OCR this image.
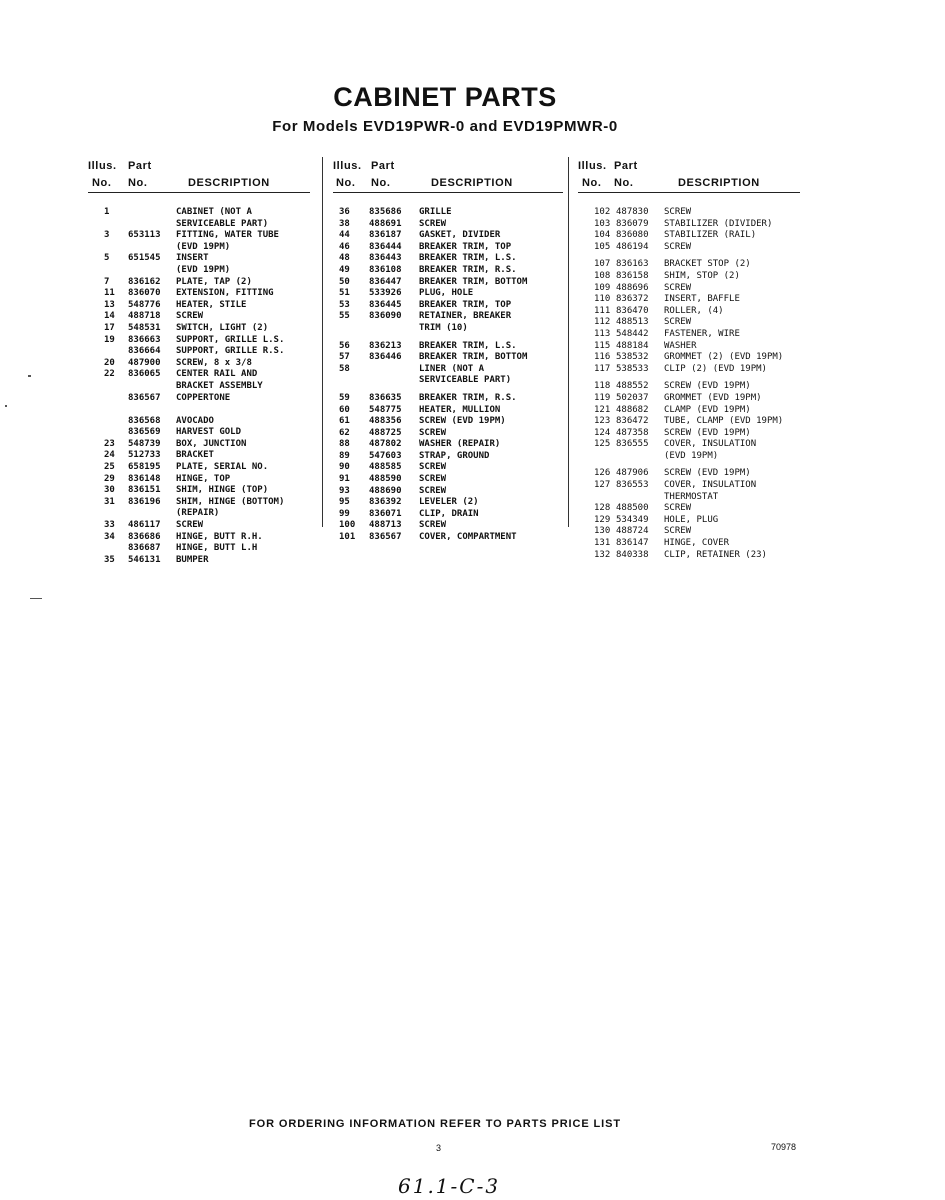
CABINET PARTS
For Models EVD19PWR-0 and EVD19PMWR-0
Illus. Part
No. No.	DESCRIPTION
1	CABINET (NOT A
SERVICEABLE PART)
3 653113 FITTING, WATER TUBE
(EVD 19PM)
5 651545 INSERT
(EVD 19PM)
7 836162 PLATE, TAP (2)
11 836070 EXTENSION, FITTING
13 548776 HEATER, STILE
14 488718 SCREW
17 548531 SWITCH, LIGHT (2)
19 836663 SUPPORT, GRILLE L.S.
836664 SUPPORT, GRILLE R.S.
20 487900 SCREW, 8 x 3/8
22 836065 CENTER RAIL AND
BRACKET ASSEMBLY
836567 COPPERTONE
836568 AVOCADO
836569 HARVEST GOLD
23 548739 BOX, JUNCTION
24 512733 BRACKET
25 658195 PLATE, SERIAL NO.
29 836148 HINGE, TOP
30 836151 SHIM, HINGE (TOP)
31 836196 SHIM, HINGE (BOTTOM)
(REPAIR)
33 486117 SCREW
34 836686 HINGE, BUTT R.H.
836687 HINGE, BUTT L.H
35 546131 BUMPER
Illus. Part
No. No.	DESCRIPTION
36 835686 GRILLE
38 488691 SCREW
44 836187 GASKET, DIVIDER
46 836444 BREAKER TRIM, TOP
48 836443 BREAKER TRIM, L.S.
49 836108 BREAKER TRIM, R.S.
50 836447 BREAKER TRIM, BOTTOM
51 533926 PLUG, HOLE
53 836445 BREAKER TRIM, TOP
55 836090 RETAINER, BREAKER
TRIM (10)
56 836213 BREAKER TRIM, L.S.
57 836446 BREAKER TRIM, BOTTOM
58	LINER (NOT A
SERVICEABLE PART)
59 836635 BREAKER TRIM, R.S.
60 548775 HEATER, MULLION
61 488356 SCREW (EVD 19PM)
62 488725 SCREW
88 487802 WASHER (REPAIR)
89 547603 STRAP, GROUND
90 488585 SCREW
91 488590 SCREW
93 488690 SCREW
95 836392 LEVELER (2)
99 836071 CLIP, DRAIN
100 488713 SCREW
101 836567 COVER, COMPARTMENT
Illus. Part
No. No.	DESCRIPTION
102 487830 SCREW
103 836079 STABILIZER (DIVIDER)
104 836080 STABILIZER (RAIL)
105 486194 SCREW
107 836163 BRACKET STOP (2)
108 836158 SHIM, STOP (2)
109 488696 SCREW
110 836372 INSERT, BAFFLE
111 836470 ROLLER, (4)
112 488513 SCREW
113 548442 FASTENER, WIRE
115 488184 WASHER
116 538532 GROMMET (2) (EVD 19PM)
117 538533 CLIP (2) (EVD 19PM)
118 488552 SCREW (EVD 19PM)
119 502037 GROMMET (EVD 19PM)
121 488682 CLAMP (EVD 19PM)
123 836472 TUBE, CLAMP (EVD 19PM)
124 487358 SCREW (EVD 19PM)
125 836555 COVER, INSULATION
(EVD 19PM)
126 487906 SCREW (EVD 19PM)
127 836553 COVER, INSULATION
THERMOSTAT
128 488500 SCREW
129 534349 HOLE, PLUG
130 488724 SCREW
131 836147 HINGE, COVER
132 840338 CLIP, RETAINER (23)
FOR ORDERING INFORMATION REFER TO PARTS PRICE LIST
3	70978
61.1-C-3
